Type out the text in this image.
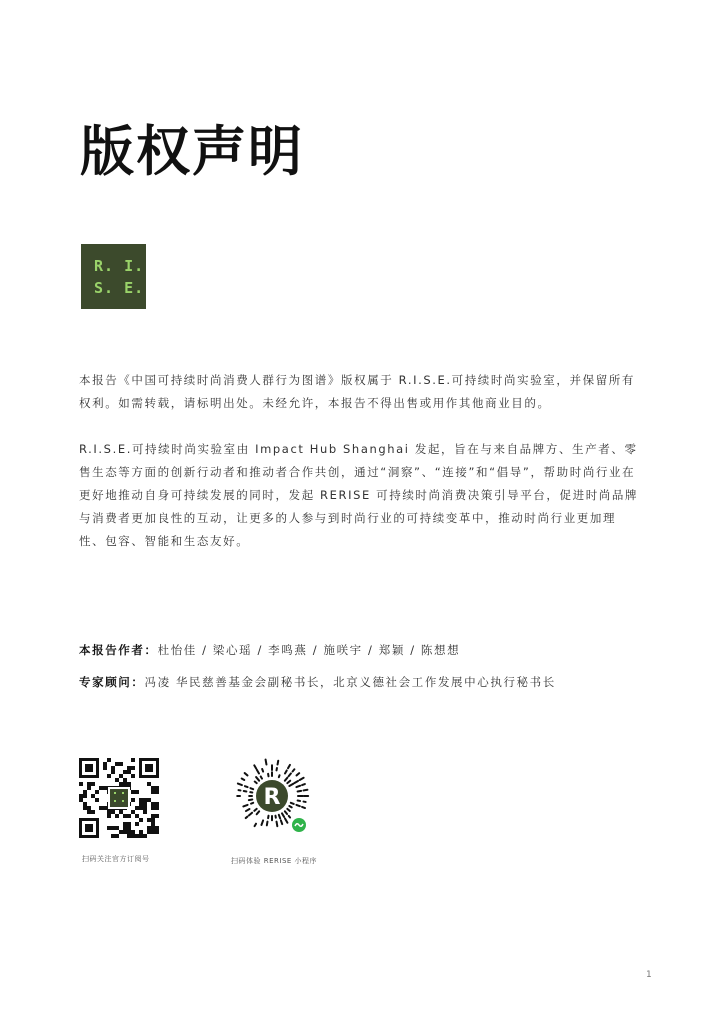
版权声明
R. I.
S. E.
本报告《中国可持续时尚消费人群行为图谱》版权属于 R.I.S.E.可持续时尚实验室，并保留所有权利。如需转载，请标明出处。未经允许，本报告不得出售或用作其他商业目的。
R.I.S.E.可持续时尚实验室由 Impact Hub Shanghai 发起，旨在与来自品牌方、生产者、零售生态等方面的创新行动者和推动者合作共创，通过“洞察”、“连接”和“倡导”，帮助时尚行业在更好地推动自身可持续发展的同时，发起 RERISE 可持续时尚消费决策引导平台，促进时尚品牌与消费者更加良性的互动，让更多的人参与到时尚行业的可持续变革中，推动时尚行业更加理性、包容、智能和生态友好。
本报告作者：杜怡佳 / 梁心瑶 / 李鸣燕 / 施咲宇 / 郑颖 / 陈想想
专家顾问：冯凌 华民慈善基金会副秘书长，北京义德社会工作发展中心执行秘书长
R
扫码关注官方订阅号	扫码体验 RERISE 小程序
1
